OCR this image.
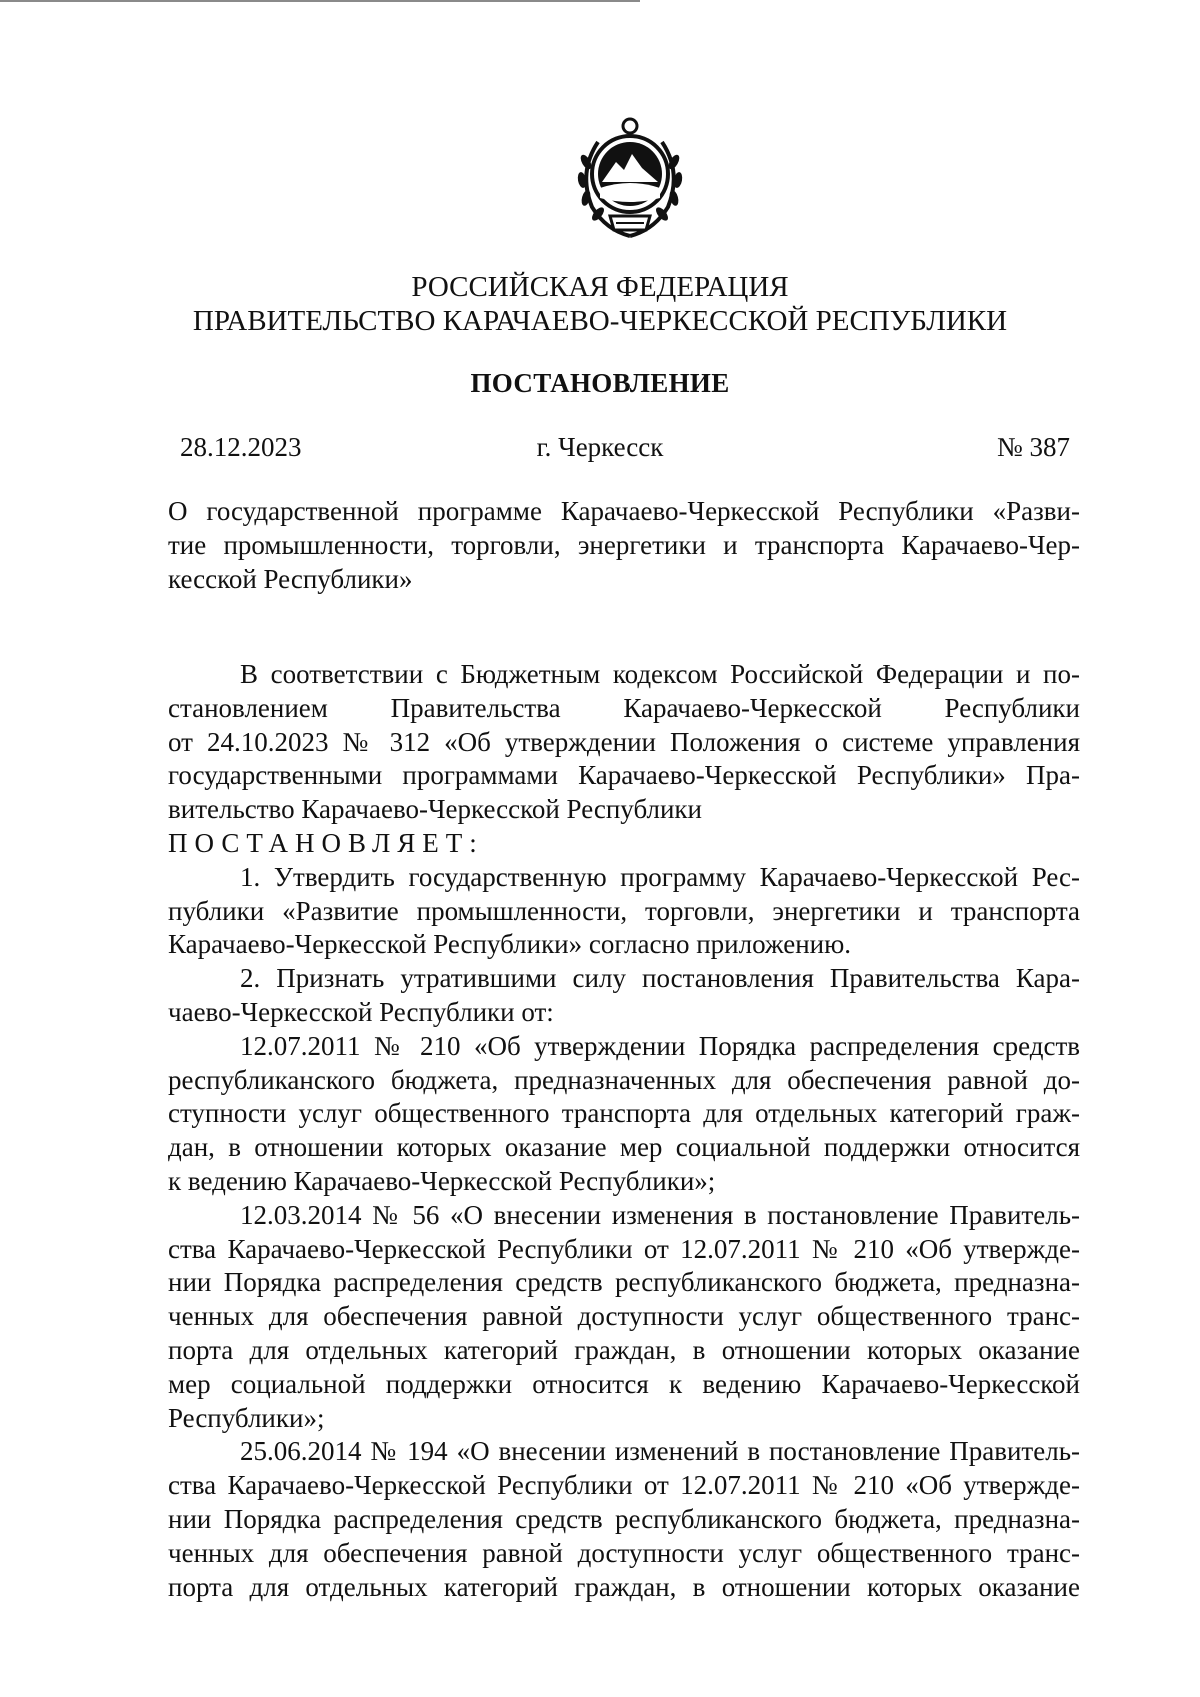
РОССИЙСКАЯ ФЕДЕРАЦИЯ
ПРАВИТЕЛЬСТВО КАРАЧАЕВО-ЧЕРКЕССКОЙ РЕСПУБЛИКИ
ПОСТАНОВЛЕНИЕ
28.12.2023	г. Черкесск	№ 387
О государственной программе Карачаево-Черкесской Республики «Разви-
тие промышленности, торговли, энергетики и транспорта Карачаево-Чер-
кесской Республики»
В соответствии с Бюджетным кодексом Российской Федерации и по-
становлением Правительства Карачаево-Черкесской Республики
от 24.10.2023 № 312 «Об утверждении Положения о системе управления
государственными программами Карачаево-Черкесской Республики» Пра-
вительство Карачаево-Черкесской Республики
ПОСТАНОВЛЯЕТ:
1. Утвердить государственную программу Карачаево-Черкесской Рес-
публики «Развитие промышленности, торговли, энергетики и транспорта
Карачаево-Черкесской Республики» согласно приложению.
2. Признать утратившими силу постановления Правительства Кара-
чаево-Черкесской Республики от:
12.07.2011 № 210 «Об утверждении Порядка распределения средств
республиканского бюджета, предназначенных для обеспечения равной до-
ступности услуг общественного транспорта для отдельных категорий граж-
дан, в отношении которых оказание мер социальной поддержки относится
к ведению Карачаево-Черкесской Республики»;
12.03.2014 № 56 «О внесении изменения в постановление Правитель-
ства Карачаево-Черкесской Республики от 12.07.2011 № 210 «Об утвержде-
нии Порядка распределения средств республиканского бюджета, предназна-
ченных для обеспечения равной доступности услуг общественного транс-
порта для отдельных категорий граждан, в отношении которых оказание
мер социальной поддержки относится к ведению Карачаево-Черкесской
Республики»;
25.06.2014 № 194 «О внесении изменений в постановление Правитель-
ства Карачаево-Черкесской Республики от 12.07.2011 № 210 «Об утвержде-
нии Порядка распределения средств республиканского бюджета, предназна-
ченных для обеспечения равной доступности услуг общественного транс-
порта для отдельных категорий граждан, в отношении которых оказание
